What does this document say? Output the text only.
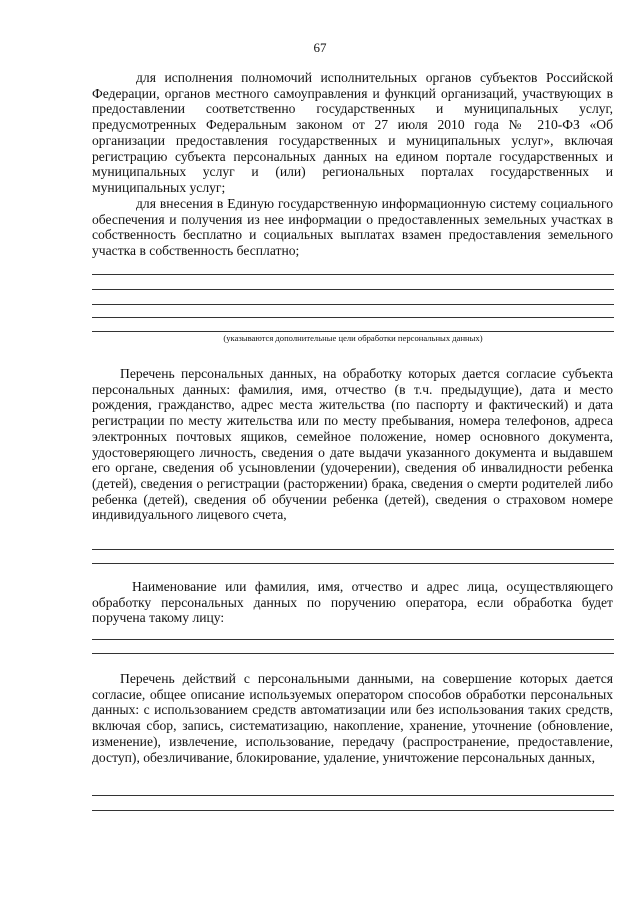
67

для исполнения полномочий исполнительных органов субъектов Российской Федерации, органов местного самоуправления и функций организаций, участвующих в предоставлении соответственно государственных и муниципальных услуг, предусмотренных Федеральным законом от 27 июля 2010 года № 210-ФЗ «Об организации предоставления государственных и муниципальных услуг», включая регистрацию субъекта персональных данных на едином портале государственных и муниципальных услуг и (или) региональных порталах государственных и муниципальных услуг;

для внесения в Единую государственную информационную систему социального обеспечения и получения из нее информации о предоставленных земельных участках в собственность бесплатно и социальных выплатах взамен предоставления земельного участка в собственность бесплатно;

(указываются дополнительные цели обработки персональных данных)

Перечень персональных данных, на обработку которых дается согласие субъекта персональных данных: фамилия, имя, отчество (в т.ч. предыдущие), дата и место рождения, гражданство, адрес места жительства (по паспорту и фактический) и дата регистрации по месту жительства или по месту пребывания, номера телефонов, адреса электронных почтовых ящиков, семейное положение, номер основного документа, удостоверяющего личность, сведения о дате выдачи указанного документа и выдавшем его органе, сведения об усыновлении (удочерении), сведения об инвалидности ребенка (детей), сведения о регистрации (расторжении) брака, сведения о смерти родителей либо ребенка (детей), сведения об обучении ребенка (детей), сведения о страховом номере индивидуального лицевого счета,

Наименование или фамилия, имя, отчество и адрес лица, осуществляющего обработку персональных данных по поручению оператора, если обработка будет поручена такому лицу:

Перечень действий с персональными данными, на совершение которых дается согласие, общее описание используемых оператором способов обработки персональных данных: с использованием средств автоматизации или без использования таких средств, включая сбор, запись, систематизацию, накопление, хранение, уточнение (обновление, изменение), извлечение, использование, передачу (распространение, предоставление, доступ), обезличивание, блокирование, удаление, уничтожение персональных данных,
